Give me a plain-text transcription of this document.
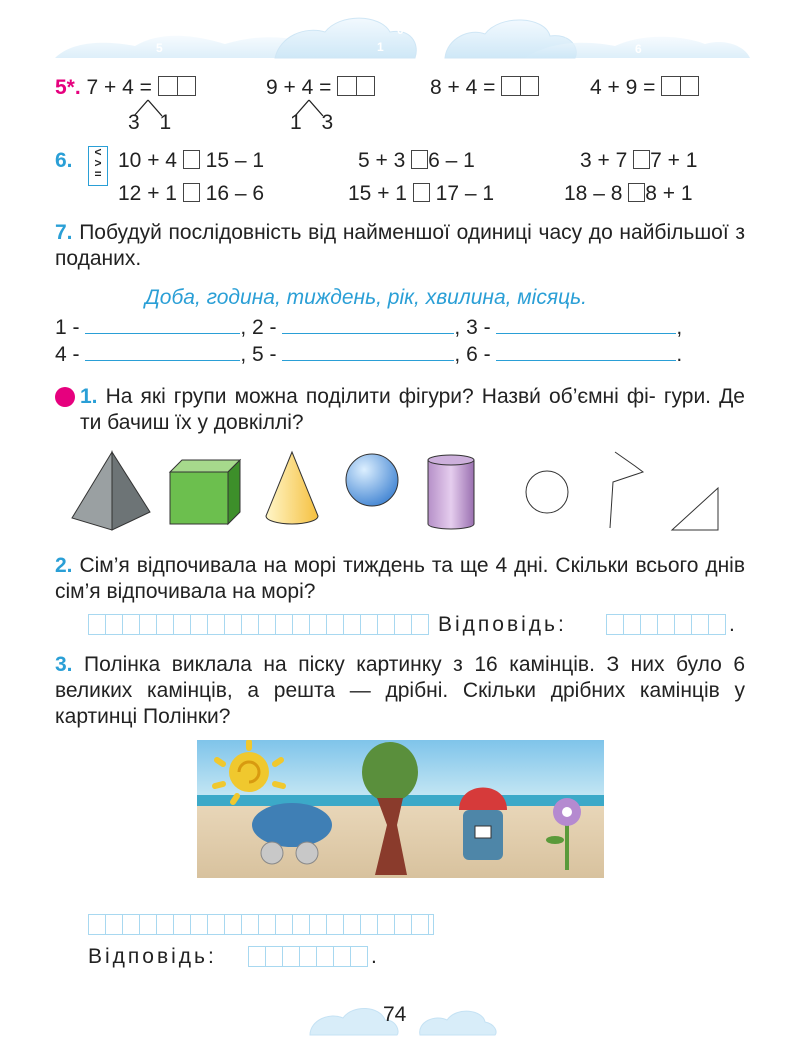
7
5
3
1
0
2
4
6
8
5*. 7 + 4 =	9 + 4 =	8 + 4 =	4 + 9 =
3 1	1 3
6.	<
>
=
10 + 4 15 – 1	5 + 3 6 – 1	3 + 7 7 + 1
12 + 1 16 – 6	15 + 1 17 – 1	18 – 8 8 + 1
7. Побудуй послідовність від найменшої одиниці часу до найбільшої з поданих.
Доба, година, тиждень, рік, хвилина, місяць.
1 -	, 2 -	, 3 -	,
4 -	, 5 -	, 6 -	.
1. На які групи можна поділити фігури? Назви́ об’ємні фі- гури. Де ти бачиш їх у довкіллі?
2. Сім’я відпочивала на морі тиждень та ще 4 дні. Скільки всього днів сім’я відпочивала на морі?
Відповідь:	.
3. Полінка виклала на піску картинку з 16 камінців. З них було 6 великих камінців, а решта — дрібні. Скільки дрібних камінців у картинці Полінки?
Відповідь:	.
74
